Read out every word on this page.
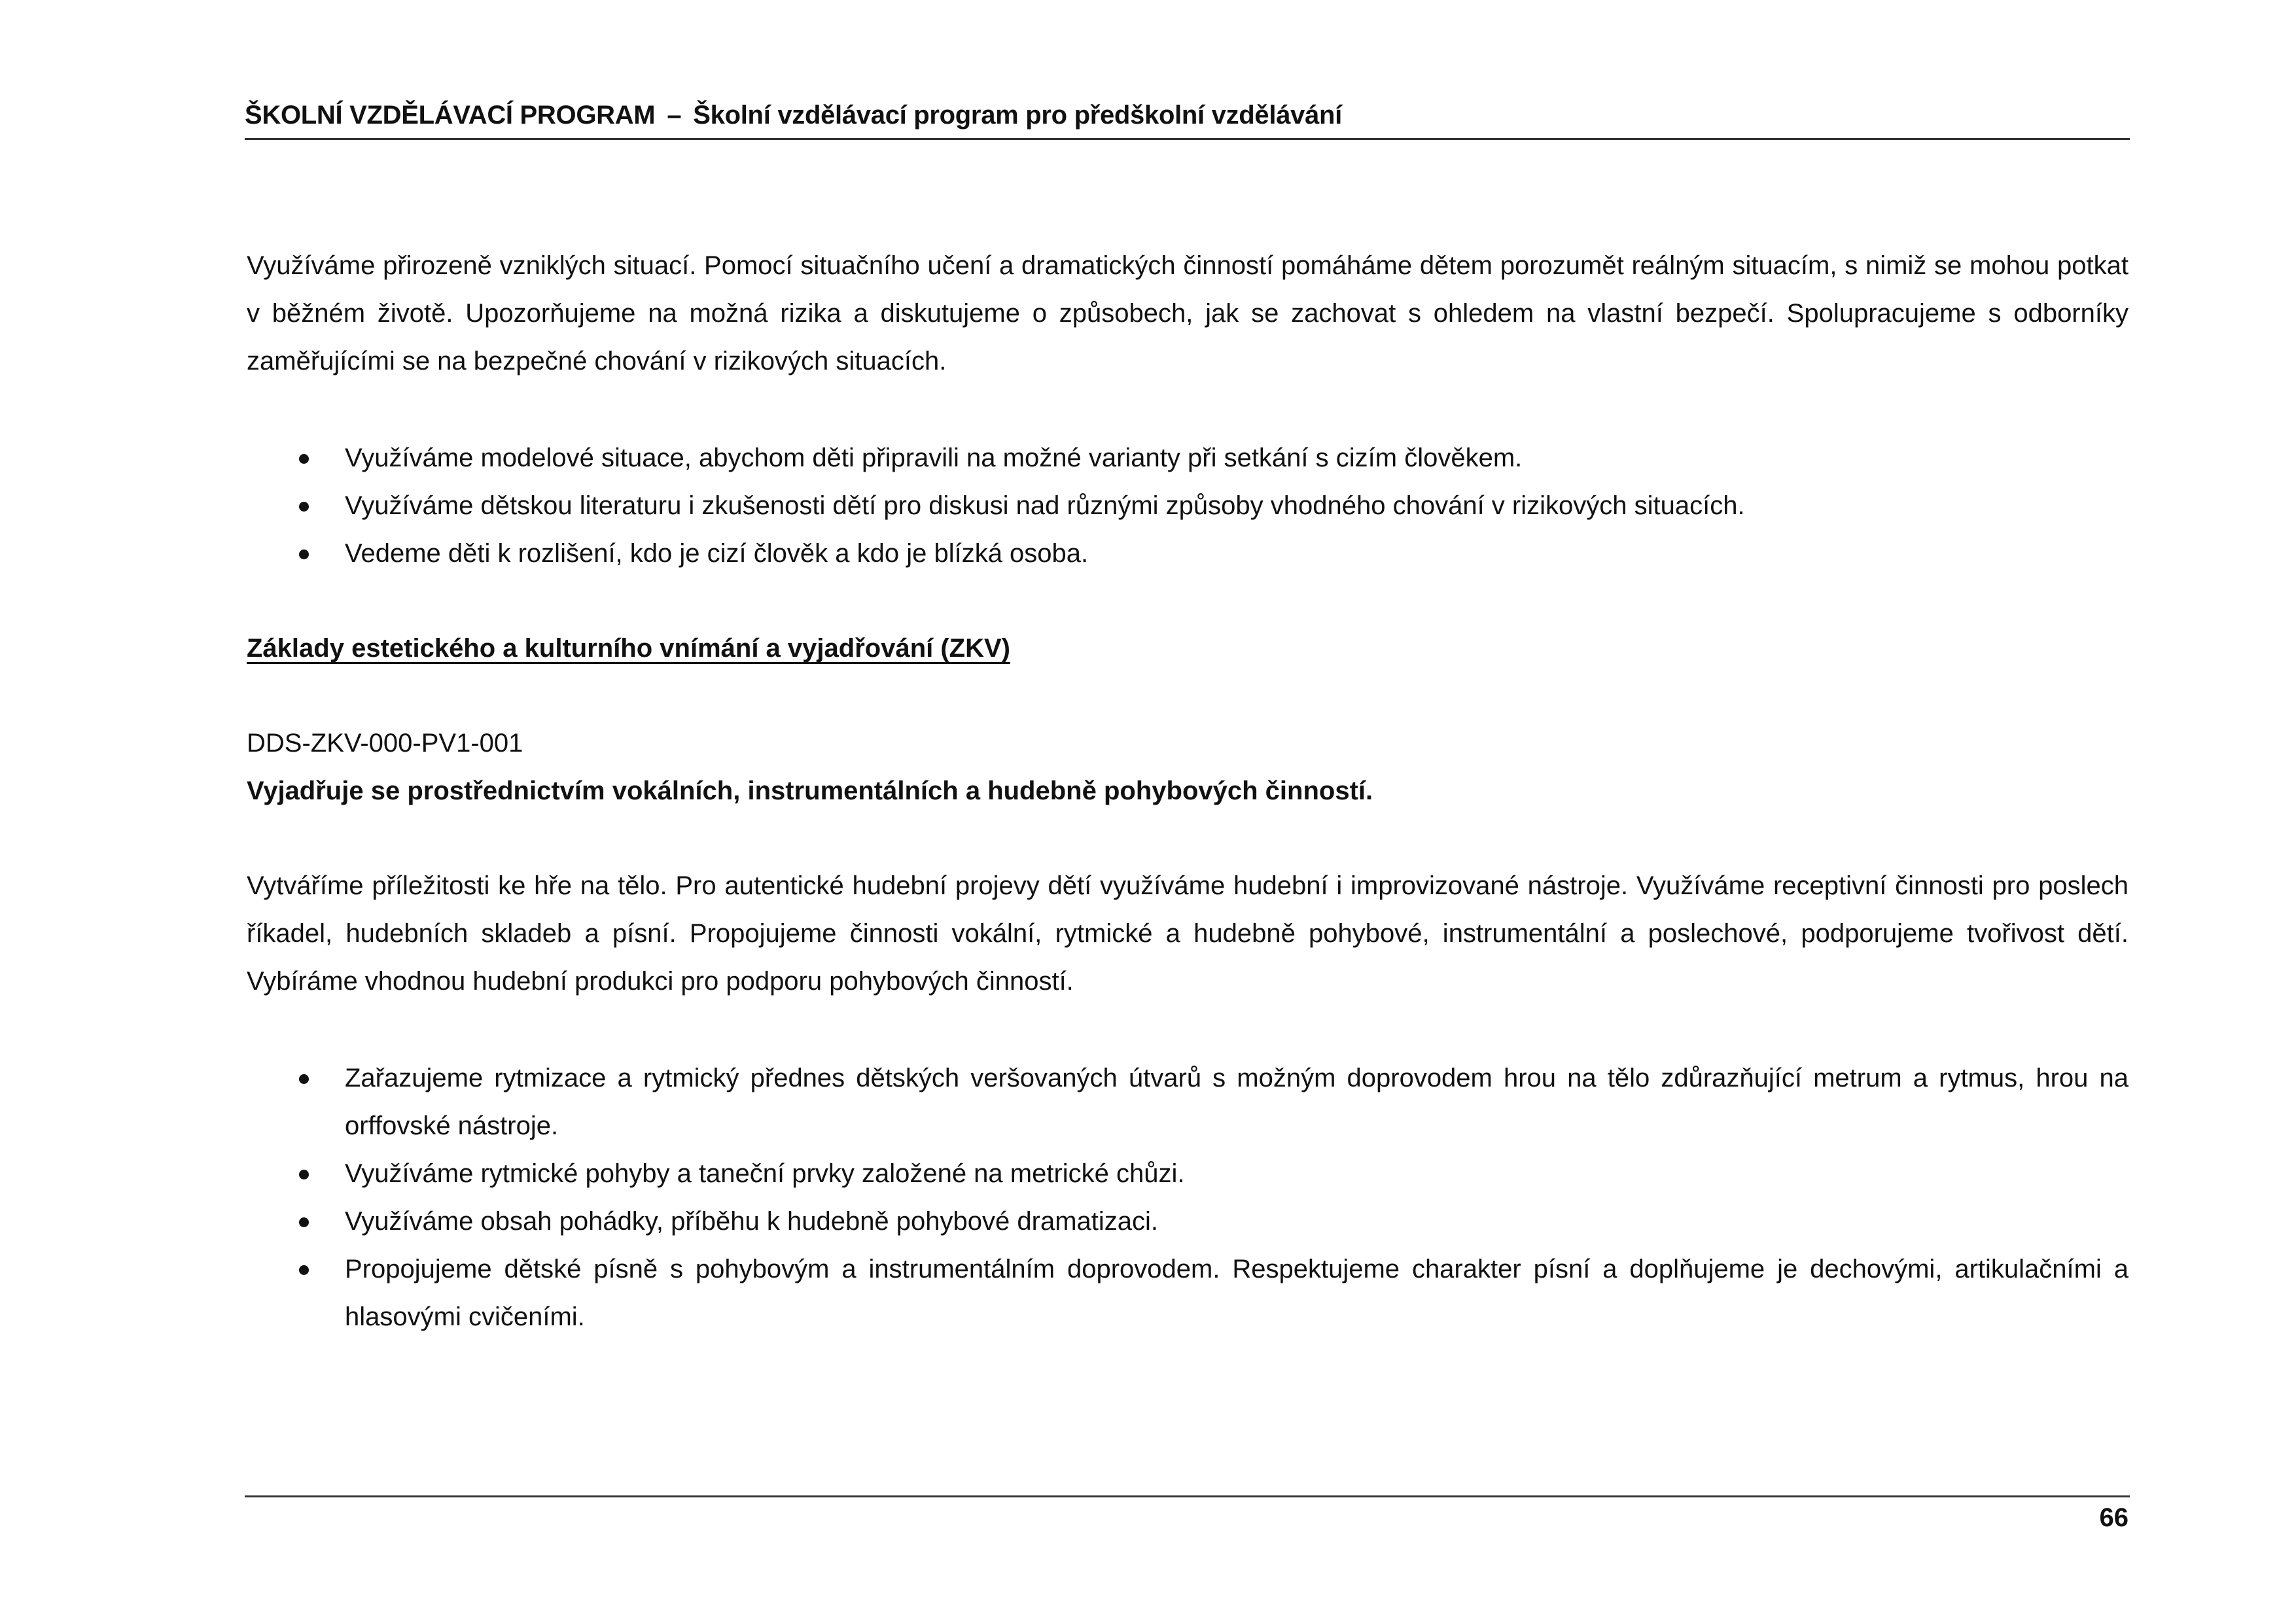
ŠKOLNÍ VZDĚLÁVACÍ PROGRAM – Školní vzdělávací program pro předškolní vzdělávání

Využíváme přirozeně vzniklých situací. Pomocí situačního učení a dramatických činností pomáháme dětem porozumět reálným situacím, s nimiž se mohou potkat v běžném životě. Upozorňujeme na možná rizika a diskutujeme o způsobech, jak se zachovat s ohledem na vlastní bezpečí. Spolupracujeme s odborníky zaměřujícími se na bezpečné chování v rizikových situacích.

Využíváme modelové situace, abychom děti připravili na možné varianty při setkání s cizím člověkem.
Využíváme dětskou literaturu i zkušenosti dětí pro diskusi nad různými způsoby vhodného chování v rizikových situacích.
Vedeme děti k rozlišení, kdo je cizí člověk a kdo je blízká osoba.
Základy estetického a kulturního vnímání a vyjadřování (ZKV)
DDS-ZKV-000-PV1-001
Vyjadřuje se prostřednictvím vokálních, instrumentálních a hudebně pohybových činností.

Vytváříme příležitosti ke hře na tělo. Pro autentické hudební projevy dětí využíváme hudební i improvizované nástroje. Využíváme receptivní činnosti pro poslech říkadel, hudebních skladeb a písní. Propojujeme činnosti vokální, rytmické a hudebně pohybové, instrumentální a poslechové, podporujeme tvořivost dětí. Vybíráme vhodnou hudební produkci pro podporu pohybových činností.

Zařazujeme rytmizace a rytmický přednes dětských veršovaných útvarů s možným doprovodem hrou na tělo zdůrazňující metrum a rytmus, hrou na orffovské nástroje.
Využíváme rytmické pohyby a taneční prvky založené na metrické chůzi.
Využíváme obsah pohádky, příběhu k hudebně pohybové dramatizaci.
Propojujeme dětské písně s pohybovým a instrumentálním doprovodem. Respektujeme charakter písní a doplňujeme je dechovými, artikulačními a hlasovými cvičeními.
66
